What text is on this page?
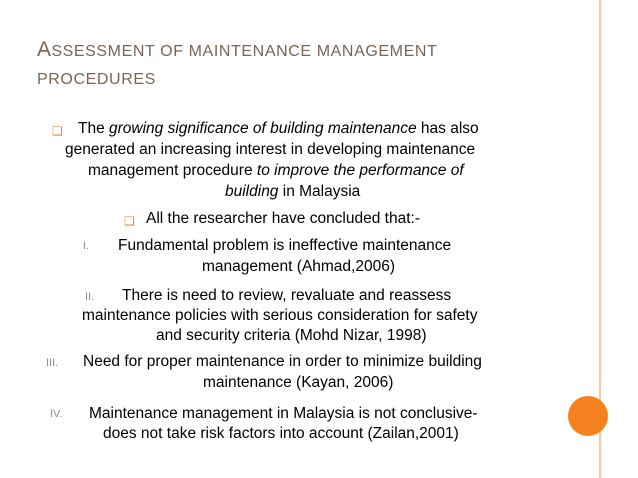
ASSESSMENT OF MAINTENANCE MANAGEMENT
PROCEDURES
❑ The growing significance of building maintenance has also
generated an increasing interest in developing maintenance
management procedure to improve the performance of
building in Malaysia
❑ All the researcher have concluded that:-
I. Fundamental problem is ineffective maintenance
management (Ahmad,2006)
II. There is need to review, revaluate and reassess
maintenance policies with serious consideration for safety
and security criteria (Mohd Nizar, 1998)
III. Need for proper maintenance in order to minimize building
maintenance (Kayan, 2006)
IV. Maintenance management in Malaysia is not conclusive-
does not take risk factors into account (Zailan,2001)
